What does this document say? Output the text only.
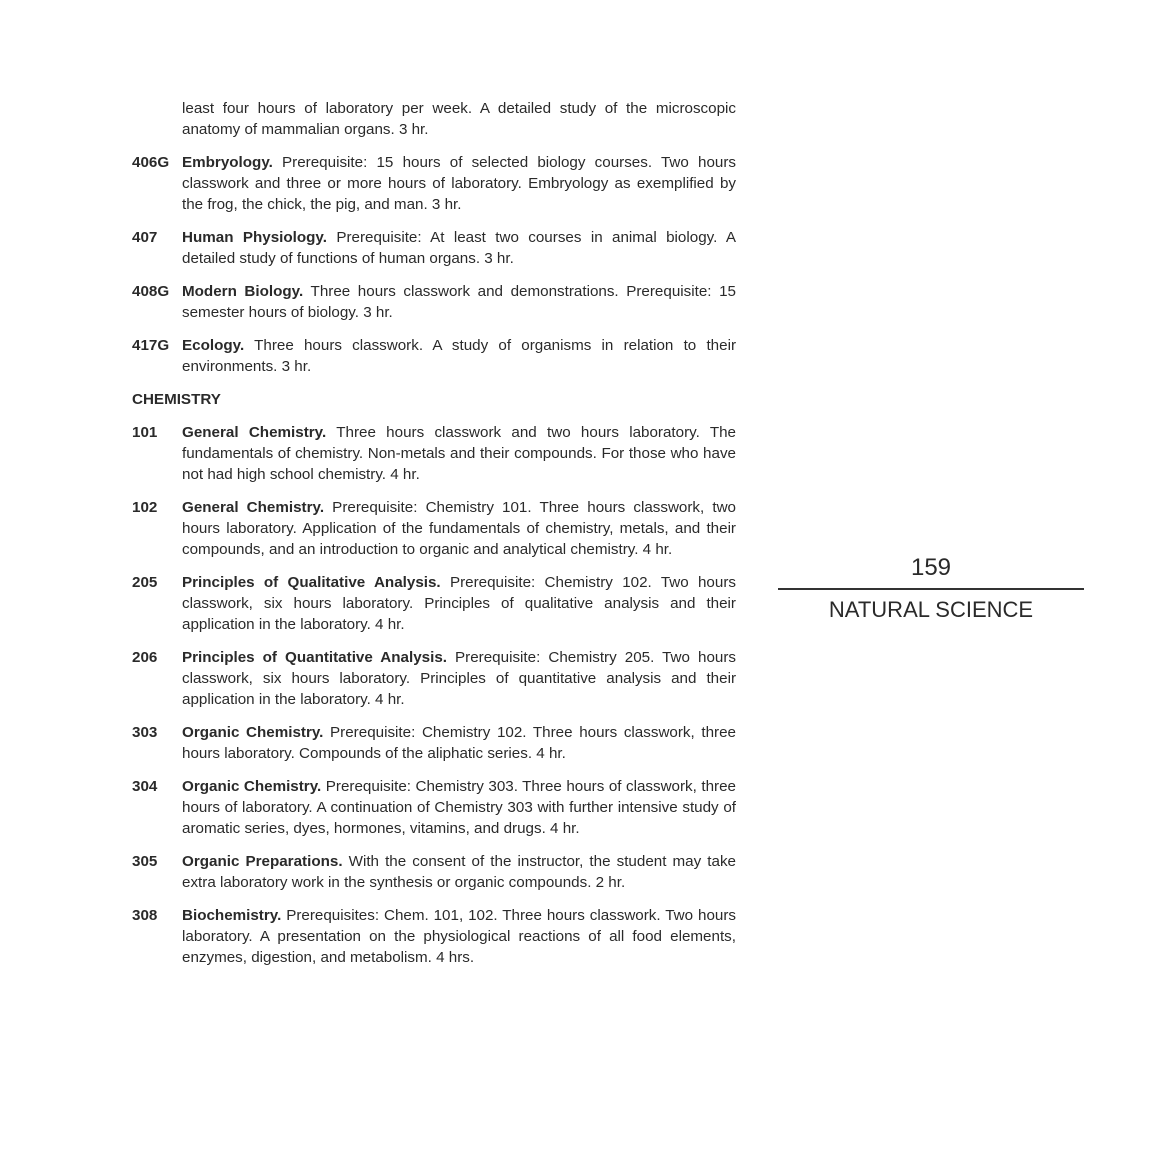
least four hours of laboratory per week. A detailed study of the microscopic anatomy of mammalian organs. 3 hr.
406G Embryology. Prerequisite: 15 hours of selected biology courses. Two hours classwork and three or more hours of laboratory. Embryology as exemplified by the frog, the chick, the pig, and man. 3 hr.
407 Human Physiology. Prerequisite: At least two courses in animal biology. A detailed study of functions of human organs. 3 hr.
408G Modern Biology. Three hours classwork and demonstrations. Prerequisite: 15 semester hours of biology. 3 hr.
417G Ecology. Three hours classwork. A study of organisms in relation to their environments. 3 hr.
CHEMISTRY
101 General Chemistry. Three hours classwork and two hours laboratory. The fundamentals of chemistry. Non-metals and their compounds. For those who have not had high school chemistry. 4 hr.
102 General Chemistry. Prerequisite: Chemistry 101. Three hours classwork, two hours laboratory. Application of the fundamentals of chemistry, metals, and their compounds, and an introduction to organic and analytical chemistry. 4 hr.
205 Principles of Qualitative Analysis. Prerequisite: Chemistry 102. Two hours classwork, six hours laboratory. Principles of qualitative analysis and their application in the laboratory. 4 hr.
206 Principles of Quantitative Analysis. Prerequisite: Chemistry 205. Two hours classwork, six hours laboratory. Principles of quantitative analysis and their application in the laboratory. 4 hr.
303 Organic Chemistry. Prerequisite: Chemistry 102. Three hours classwork, three hours laboratory. Compounds of the aliphatic series. 4 hr.
304 Organic Chemistry. Prerequisite: Chemistry 303. Three hours of classwork, three hours of laboratory. A continuation of Chemistry 303 with further intensive study of aromatic series, dyes, hormones, vitamins, and drugs. 4 hr.
305 Organic Preparations. With the consent of the instructor, the student may take extra laboratory work in the synthesis or organic compounds. 2 hr.
308 Biochemistry. Prerequisites: Chem. 101, 102. Three hours classwork. Two hours laboratory. A presentation on the physiological reactions of all food elements, enzymes, digestion, and metabolism. 4 hrs.
159
NATURAL SCIENCE
